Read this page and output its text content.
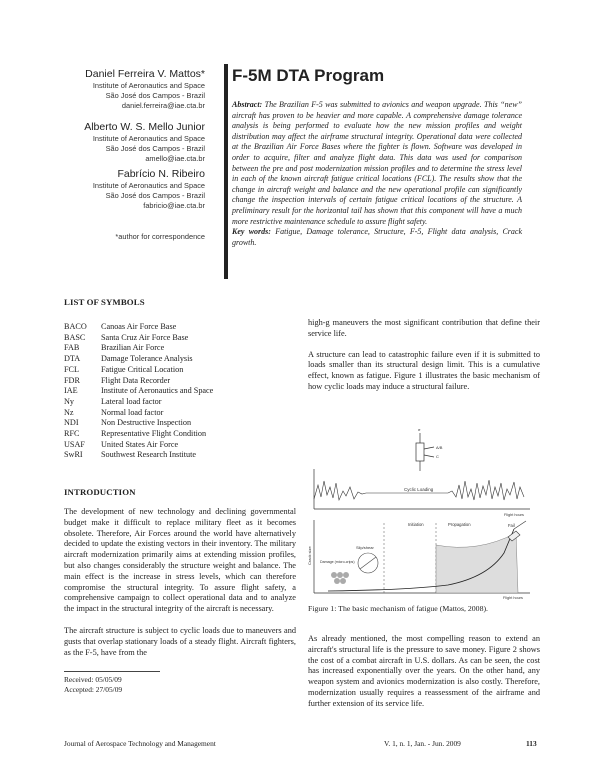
Daniel Ferreira V. Mattos*
Institute of Aeronautics and Space
São José dos Campos - Brazil
daniel.ferreira@iae.cta.br
Alberto W. S. Mello Junior
Institute of Aeronautics and Space
São José dos Campos - Brazil
amello@iae.cta.br
Fabrício N. Ribeiro
Institute of Aeronautics and Space
São José dos Campos - Brazil
fabricio@iae.cta.br
*author for correspondence
F-5M DTA Program
Abstract: The Brazilian F-5 was submitted to avionics and weapon upgrade. This “new” aircraft has proven to be heavier and more capable. A comprehensive damage tolerance analysis is being performed to evaluate how the new mission profiles and weight distribution may affect the airframe structural integrity. Operational data were collected at the Brazilian Air Force Bases where the fighter is flown. Software was developed in order to acquire, filter and analyze flight data. This data was used for comparison between the pre and post modernization mission profiles and to determine the stress level in each of the known aircraft fatigue critical locations (FCL). The results show that the change in aircraft weight and balance and the new operational profile can significantly change the inspection intervals of certain fatigue critical locations of the structure. A preliminary result for the horizontal tail has shown that this component will have a much more restrictive maintenance schedule to assure flight safety.
Key words: Fatigue, Damage tolerance, Structure, F-5, Flight data analysis, Crack growth.
LIST OF SYMBOLS
BACO	Canoas Air Force Base
BASC	Santa Cruz Air Force Base
FAB	Brazilian Air Force
DTA	Damage Tolerance Analysis
FCL	Fatigue Critical Location
FDR	Flight Data Recorder
IAE	Institute of Aeronautics and Space
Ny	Lateral load factor
Nz	Normal load factor
NDI	Non Destructive Inspection
RFC	Representative Flight Condition
USAF	United States Air Force
SwRI	Southwest Research Institute
INTRODUCTION

The development of new technology and declining governmental budget make it difficult to replace military fleet as it becomes obsolete. Therefore, Air Forces around the world have alternatively decided to update the existing vectors in their inventory. The military aircraft modernization primarily aims at extending mission profiles, but also changes considerably the structure weight and balance. The main effect is the increase in stress levels, which can therefore compromise the structural integrity. To assure flight safety, a comprehensive campaign to collect operational data and to analyze the impact in the structural integrity of the aircraft is necessary.

The aircraft structure is subject to cyclic loads due to maneuvers and gusts that overlap stationary loads of a steady flight. Aircraft fighters, as the F-5, have from the

Received: 05/05/09
Accepted: 27/05/09

high-g maneuvers the most significant contribution that define their service life.

A structure can lead to catastrophic failure even if it is submitted to loads smaller than its structural design limit. This is a cumulative effect, known as fatigue. Figure 1 illustrates the basic mechanism of how cyclic loads may induce a structural failure.

A/B
C
σ
Cyclic Loading
Flight hours
Crack size
Flight hours
Initiation	Propagation	Fail
Slip/shear
Damage (micro-crips)
Figure 1: The basic mechanism of fatigue (Mattos, 2008).

As already mentioned, the most compelling reason to extend an aircraft's structural life is the pressure to save money. Figure 2 shows the cost of a combat aircraft in U.S. dollars. As can be seen, the cost has increased exponentially over the years. On the other hand, any weapon system and avionics modernization is also costly. Therefore, modernization usually requires a reassessment of the airframe and further extension of its service life.

Journal of Aerospace Technology and Management	V. 1, n. 1, Jan. - Jun. 2009	113
